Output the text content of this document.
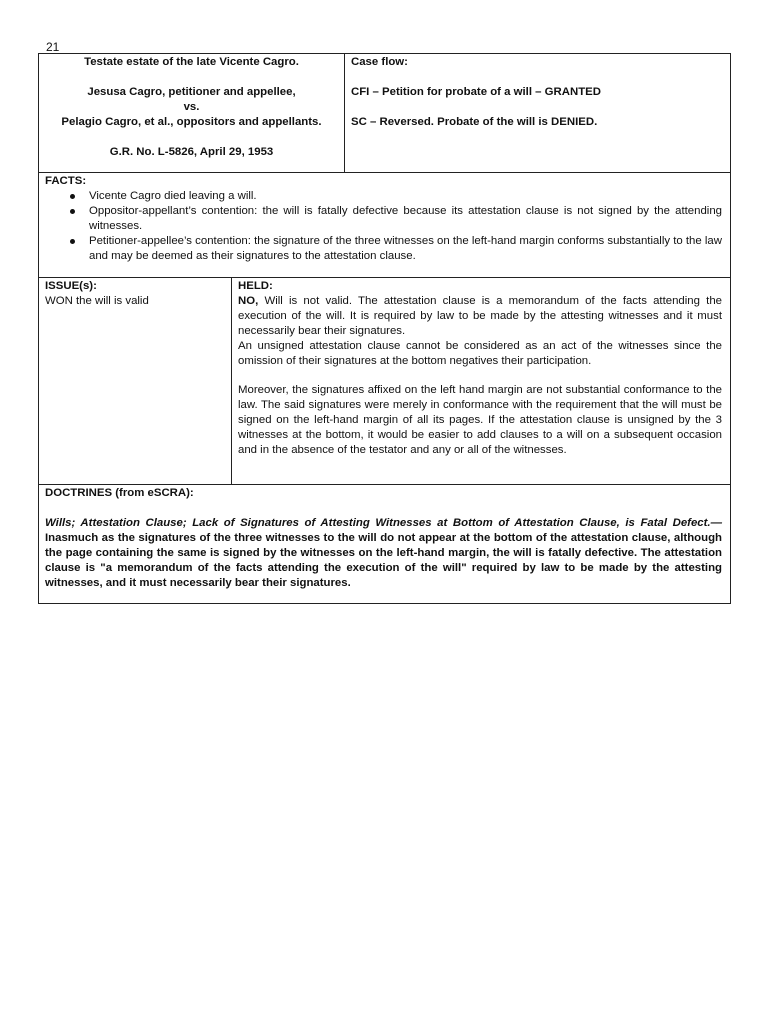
21

Testate estate of the late Vicente Cagro.

Jesusa Cagro, petitioner and appellee,

vs.

Pelagio Cagro, et al., oppositors and appellants.

G.R. No. L-5826, April 29, 1953

Case flow:

CFI – Petition for probate of a will – GRANTED

SC – Reversed. Probate of the will is DENIED.

FACTS:

Vicente Cagro died leaving a will.
Oppositor-appellant’s contention: the will is fatally defective because its attestation clause is not signed by the attending witnesses.
Petitioner-appellee’s contention: the signature of the three witnesses on the left-hand margin conforms substantially to the law and may be deemed as their signatures to the attestation clause.

ISSUE(s):

WON the will is valid

HELD:

NO, Will is not valid. The attestation clause is a memorandum of the facts attending the execution of the will. It is required by law to be made by the attesting witnesses and it must necessarily bear their signatures.

An unsigned attestation clause cannot be considered as an act of the witnesses since the omission of their signatures at the bottom negatives their participation.

Moreover, the signatures affixed on the left hand margin are not substantial conformance to the law. The said signatures were merely in conformance with the requirement that the will must be signed on the left-hand margin of all its pages. If the attestation clause is unsigned by the 3 witnesses at the bottom, it would be easier to add clauses to a will on a subsequent occasion and in the absence of the testator and any or all of the witnesses.

DOCTRINES (from eSCRA):

Wills; Attestation Clause; Lack of Signatures of Attesting Witnesses at Bottom of Attestation Clause, is Fatal Defect.— Inasmuch as the signatures of the three witnesses to the will do not appear at the bottom of the attestation clause, although the page containing the same is signed by the witnesses on the left-hand margin, the will is fatally defective. The attestation clause is "a memorandum of the facts attending the execution of the will" required by law to be made by the attesting witnesses, and it must necessarily bear their signatures.
